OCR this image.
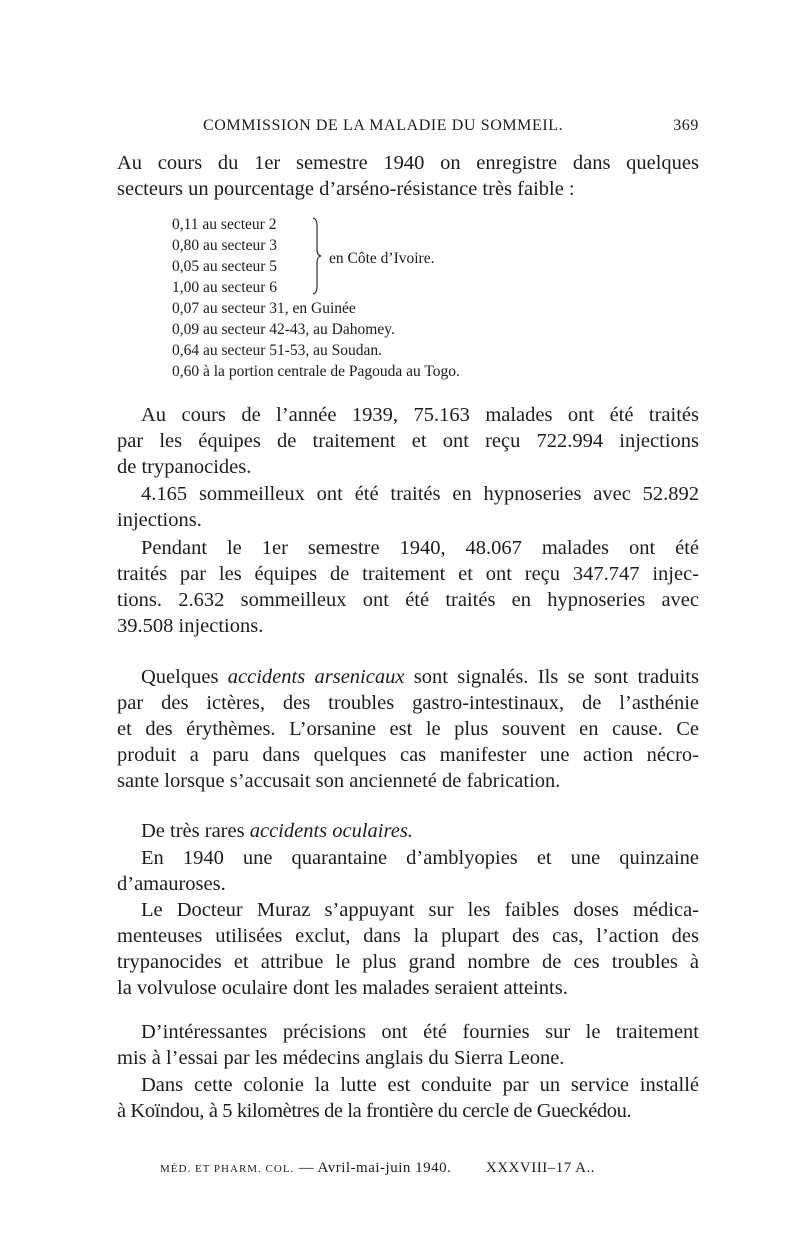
COMMISSION DE LA MALADIE DU SOMMEIL.	369
Au cours du 1er semestre 1940 on enregistre dans quelques
secteurs un pourcentage d’arséno-résistance très faible :
en Côte d’Ivoire.
0,11 au secteur 2
0,80 au secteur 3
0,05 au secteur 5
1,00 au secteur 6
0,07 au secteur 31, en Guinée
0,09 au secteur 42-43, au Dahomey.
0,64 au secteur 51-53, au Soudan.
0,60 à la portion centrale de Pagouda au Togo.
Au cours de l’année 1939, 75.163 malades ont été traités
par les équipes de traitement et ont reçu 722.994 injections
de trypanocides.
4.165 sommeilleux ont été traités en hypnoseries avec 52.892
injections.
Pendant le 1er semestre 1940, 48.067 malades ont été
traités par les équipes de traitement et ont reçu 347.747 injec-
tions. 2.632 sommeilleux ont été traités en hypnoseries avec
39.508 injections.
Quelques accidents arsenicaux sont signalés. Ils se sont traduits
par des ictères, des troubles gastro-intestinaux, de l’asthénie
et des érythèmes. L’orsanine est le plus souvent en cause. Ce
produit a paru dans quelques cas manifester une action nécro-
sante lorsque s’accusait son ancienneté de fabrication.
De très rares accidents oculaires.
En 1940 une quarantaine d’amblyopies et une quinzaine
d’amauroses.
Le Docteur Muraz s’appuyant sur les faibles doses médica-
menteuses utilisées exclut, dans la plupart des cas, l’action des
trypanocides et attribue le plus grand nombre de ces troubles à
la volvulose oculaire dont les malades seraient atteints.
D’intéressantes précisions ont été fournies sur le traitement
mis à l’essai par les médecins anglais du Sierra Leone.
Dans cette colonie la lutte est conduite par un service installé
à Koïndou, à 5 kilomètres de la frontière du cercle de Gueckédou.
MÉD. ET PHARM. COL. — Avril-mai-juin 1940. XXXVIII–17 A..
